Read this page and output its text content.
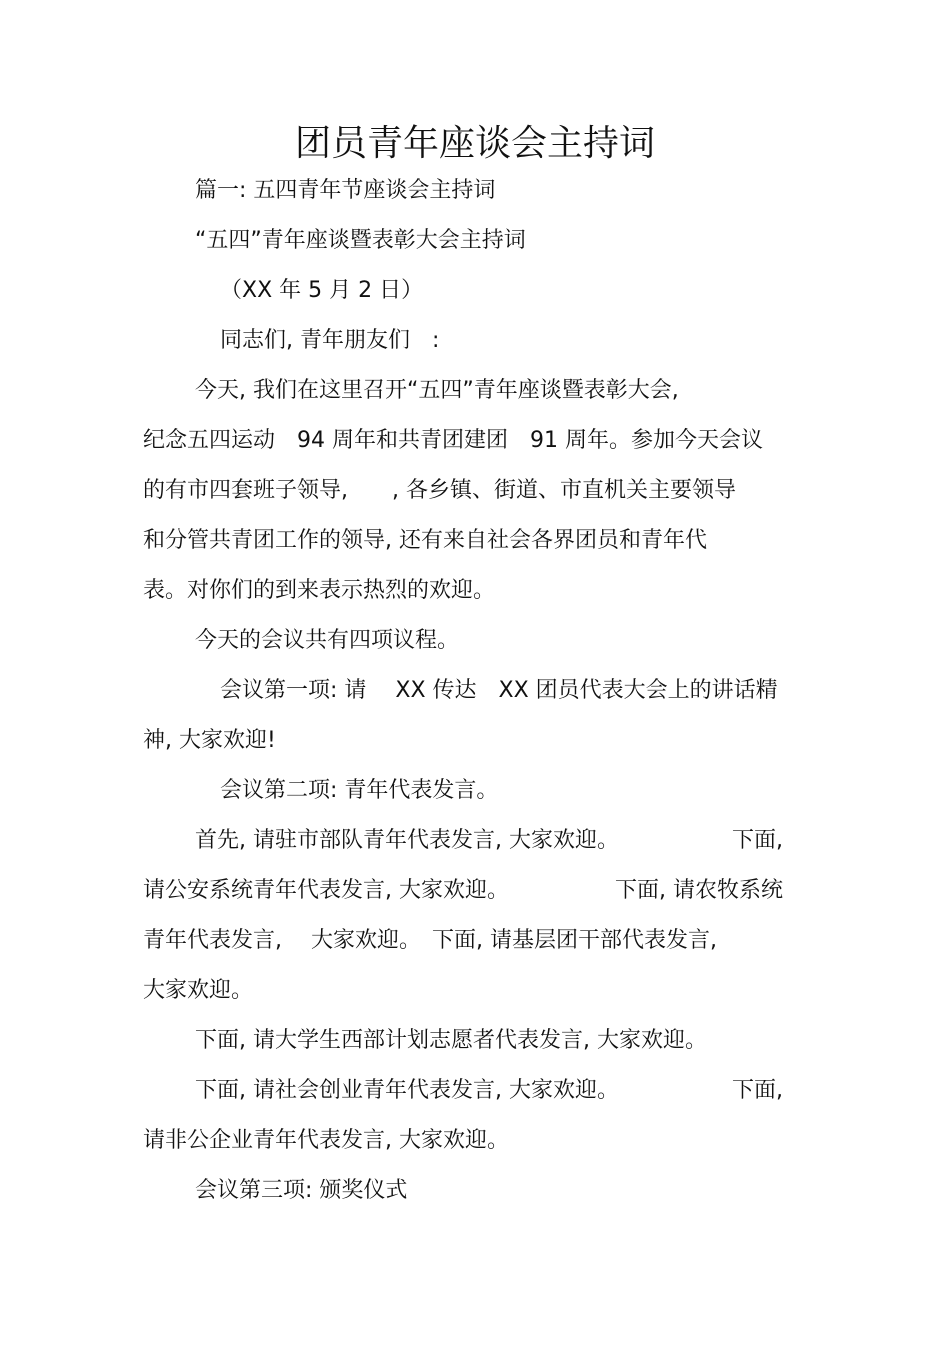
团员青年座谈会主持词
篇一: 五四青年节座谈会主持词
“五四”青年座谈暨表彰大会主持词
（XX 年 5 月 2 日）
同志们, 青年朋友们　:
今天, 我们在这里召开“五四”青年座谈暨表彰大会,
纪念五四运动　94 周年和共青团建团　91 周年。参加今天会议
的有市四套班子领导,　　, 各乡镇、街道、市直机关主要领导
和分管共青团工作的领导, 还有来自社会各界团员和青年代
表。对你们的到来表示热烈的欢迎。
今天的会议共有四项议程。
会议第一项: 请　 XX 传达　XX 团员代表大会上的讲话精
神, 大家欢迎!
会议第二项: 青年代表发言。
首先, 请驻市部队青年代表发言, 大家欢迎。	下面,
请公安系统青年代表发言, 大家欢迎。	下面, 请农牧系统
青年代表发言,　 大家欢迎。　下面, 请基层团干部代表发言,
大家欢迎。
下面, 请大学生西部计划志愿者代表发言, 大家欢迎。
下面, 请社会创业青年代表发言, 大家欢迎。	下面,
请非公企业青年代表发言, 大家欢迎。
会议第三项: 颁奖仪式
